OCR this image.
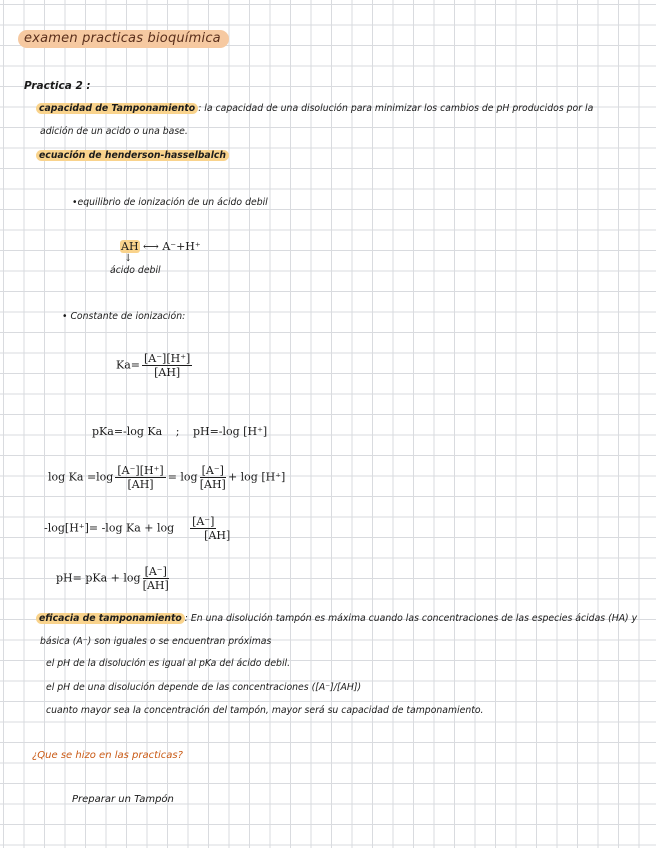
examen practicas bioquímica
Practica 2 :
capacidad de Tamponamiento : la capacidad de una disolución para minimizar los cambios de pH producidos por la
adición de un acido o una base.
ecuación de henderson-hasselbalch
•equilibrio de ionización de un ácido debil
AH ⟷ A⁻+H⁺
↓
ácido debil
• Constante de ionización:
$Ka= \frac{[A^-][H^+]}{[AH]}$
pKa=-log Ka ; pH=-log [H⁺]
$\log Ka =\log \frac{[A^-][H^+]}{[AH]} = \log \frac{[A^-]}{[AH]} + \log [H^+]$
-log[H⁺]= -log $Ka + \log \frac{[A^-]}{[AH]}$
pH= pKa + $\log \frac{[A^-]}{[AH]}$
eficacia de tamponamiento : En una disolución tampón es máxima cuando las concentraciones de las especies ácidas (HA) y
básica (A⁻) son iguales o se encuentran próximas
el pH de la disolución es igual al pKa del ácido debil.
el pH de una disolución depende de las concentraciones ([A⁻]/[AH])
cuanto mayor sea la concentración del tampón, mayor será su capacidad de tamponamiento.
¿Que se hizo en las practicas?
Preparar un Tampón
